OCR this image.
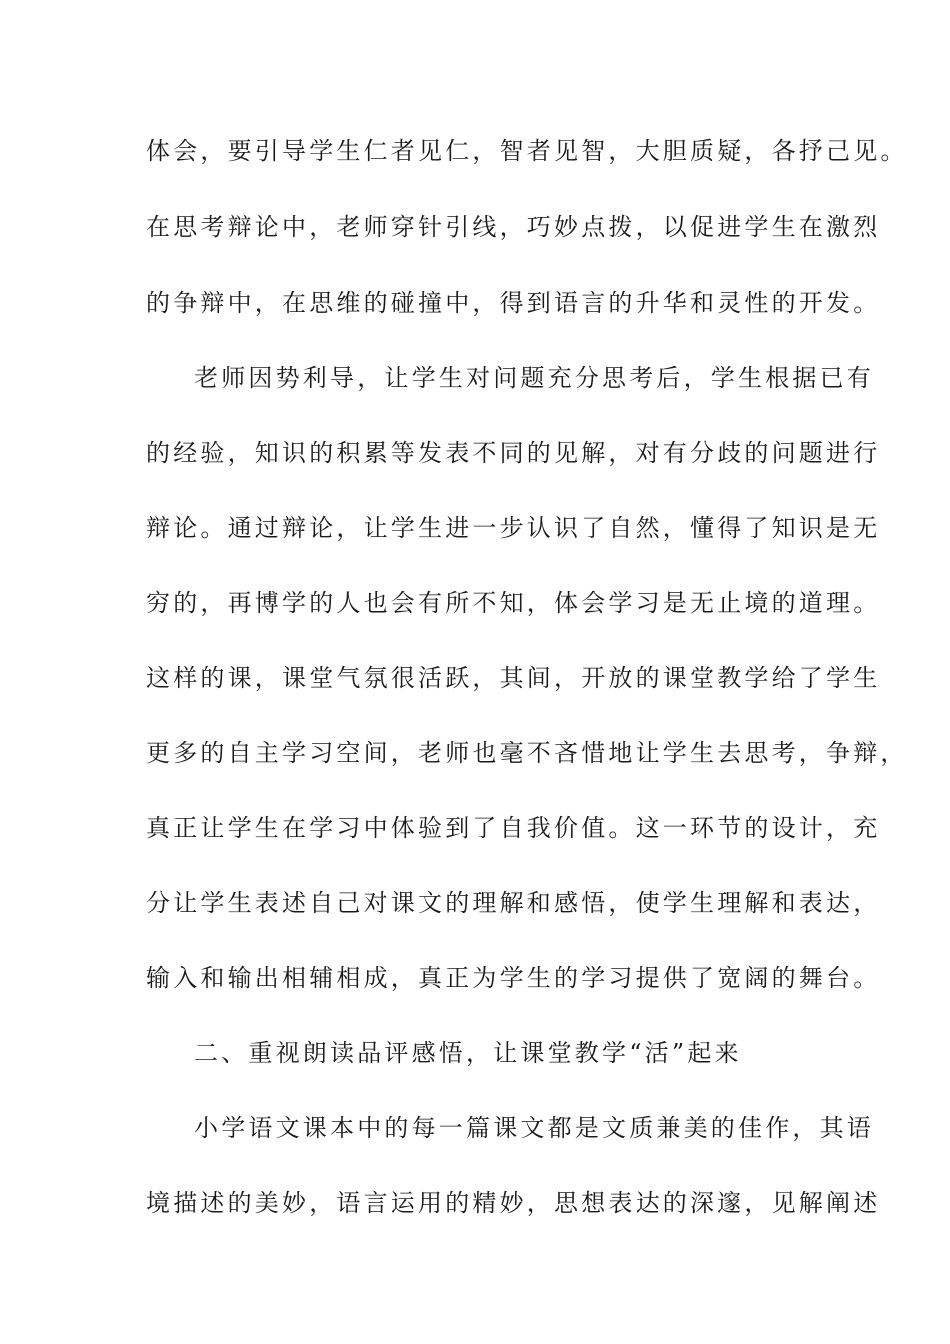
体会，要引导学生仁者见仁，智者见智，大胆质疑，各抒己见。
在思考辩论中，老师穿针引线，巧妙点拨，以促进学生在激烈
的争辩中，在思维的碰撞中，得到语言的升华和灵性的开发。
老师因势利导，让学生对问题充分思考后，学生根据已有
的经验，知识的积累等发表不同的见解，对有分歧的问题进行
辩论。通过辩论，让学生进一步认识了自然，懂得了知识是无
穷的，再博学的人也会有所不知，体会学习是无止境的道理。
这样的课，课堂气氛很活跃，其间，开放的课堂教学给了学生
更多的自主学习空间，老师也毫不吝惜地让学生去思考，争辩，
真正让学生在学习中体验到了自我价值。这一环节的设计，充
分让学生表述自己对课文的理解和感悟，使学生理解和表达，
输入和输出相辅相成，真正为学生的学习提供了宽阔的舞台。
二、重视朗读品评感悟，让课堂教学“活”起来
小学语文课本中的每一篇课文都是文质兼美的佳作，其语
境描述的美妙，语言运用的精妙，思想表达的深邃，见解阐述
